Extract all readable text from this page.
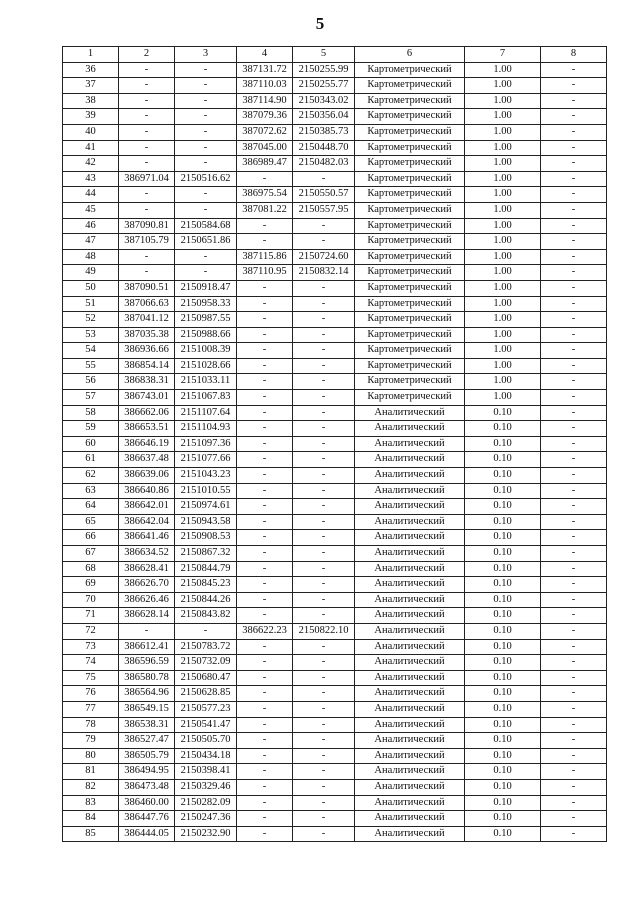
5
1	2	3	4	5	6	7	8
36	-	-	387131.72	2150255.99	Картометрический	1.00	-
37	-	-	387110.03	2150255.77	Картометрический	1.00	-
38	-	-	387114.90	2150343.02	Картометрический	1.00	-
39	-	-	387079.36	2150356.04	Картометрический	1.00	-
40	-	-	387072.62	2150385.73	Картометрический	1.00	-
41	-	-	387045.00	2150448.70	Картометрический	1.00	-
42	-	-	386989.47	2150482.03	Картометрический	1.00	-
43	386971.04	2150516.62	-	-	Картометрический	1.00	-
44	-	-	386975.54	2150550.57	Картометрический	1.00	-
45	-	-	387081.22	2150557.95	Картометрический	1.00	-
46	387090.81	2150584.68	-	-	Картометрический	1.00	-
47	387105.79	2150651.86	-	-	Картометрический	1.00	-
48	-	-	387115.86	2150724.60	Картометрический	1.00	-
49	-	-	387110.95	2150832.14	Картометрический	1.00	-
50	387090.51	2150918.47	-	-	Картометрический	1.00	-
51	387066.63	2150958.33	-	-	Картометрический	1.00	-
52	387041.12	2150987.55	-	-	Картометрический	1.00	-
53	387035.38	2150988.66	-	-	Картометрический	1.00	-
54	386936.66	2151008.39	-	-	Картометрический	1.00	-
55	386854.14	2151028.66	-	-	Картометрический	1.00	-
56	386838.31	2151033.11	-	-	Картометрический	1.00	-
57	386743.01	2151067.83	-	-	Картометрический	1.00	-
58	386662.06	2151107.64	-	-	Аналитический	0.10	-
59	386653.51	2151104.93	-	-	Аналитический	0.10	-
60	386646.19	2151097.36	-	-	Аналитический	0.10	-
61	386637.48	2151077.66	-	-	Аналитический	0.10	-
62	386639.06	2151043.23	-	-	Аналитический	0.10	-
63	386640.86	2151010.55	-	-	Аналитический	0.10	-
64	386642.01	2150974.61	-	-	Аналитический	0.10	-
65	386642.04	2150943.58	-	-	Аналитический	0.10	-
66	386641.46	2150908.53	-	-	Аналитический	0.10	-
67	386634.52	2150867.32	-	-	Аналитический	0.10	-
68	386628.41	2150844.79	-	-	Аналитический	0.10	-
69	386626.70	2150845.23	-	-	Аналитический	0.10	-
70	386626.46	2150844.26	-	-	Аналитический	0.10	-
71	386628.14	2150843.82	-	-	Аналитический	0.10	-
72	-	-	386622.23	2150822.10	Аналитический	0.10	-
73	386612.41	2150783.72	-	-	Аналитический	0.10	-
74	386596.59	2150732.09	-	-	Аналитический	0.10	-
75	386580.78	2150680.47	-	-	Аналитический	0.10	-
76	386564.96	2150628.85	-	-	Аналитический	0.10	-
77	386549.15	2150577.23	-	-	Аналитический	0.10	-
78	386538.31	2150541.47	-	-	Аналитический	0.10	-
79	386527.47	2150505.70	-	-	Аналитический	0.10	-
80	386505.79	2150434.18	-	-	Аналитический	0.10	-
81	386494.95	2150398.41	-	-	Аналитический	0.10	-
82	386473.48	2150329.46	-	-	Аналитический	0.10	-
83	386460.00	2150282.09	-	-	Аналитический	0.10	-
84	386447.76	2150247.36	-	-	Аналитический	0.10	-
85	386444.05	2150232.90	-	-	Аналитический	0.10	-
